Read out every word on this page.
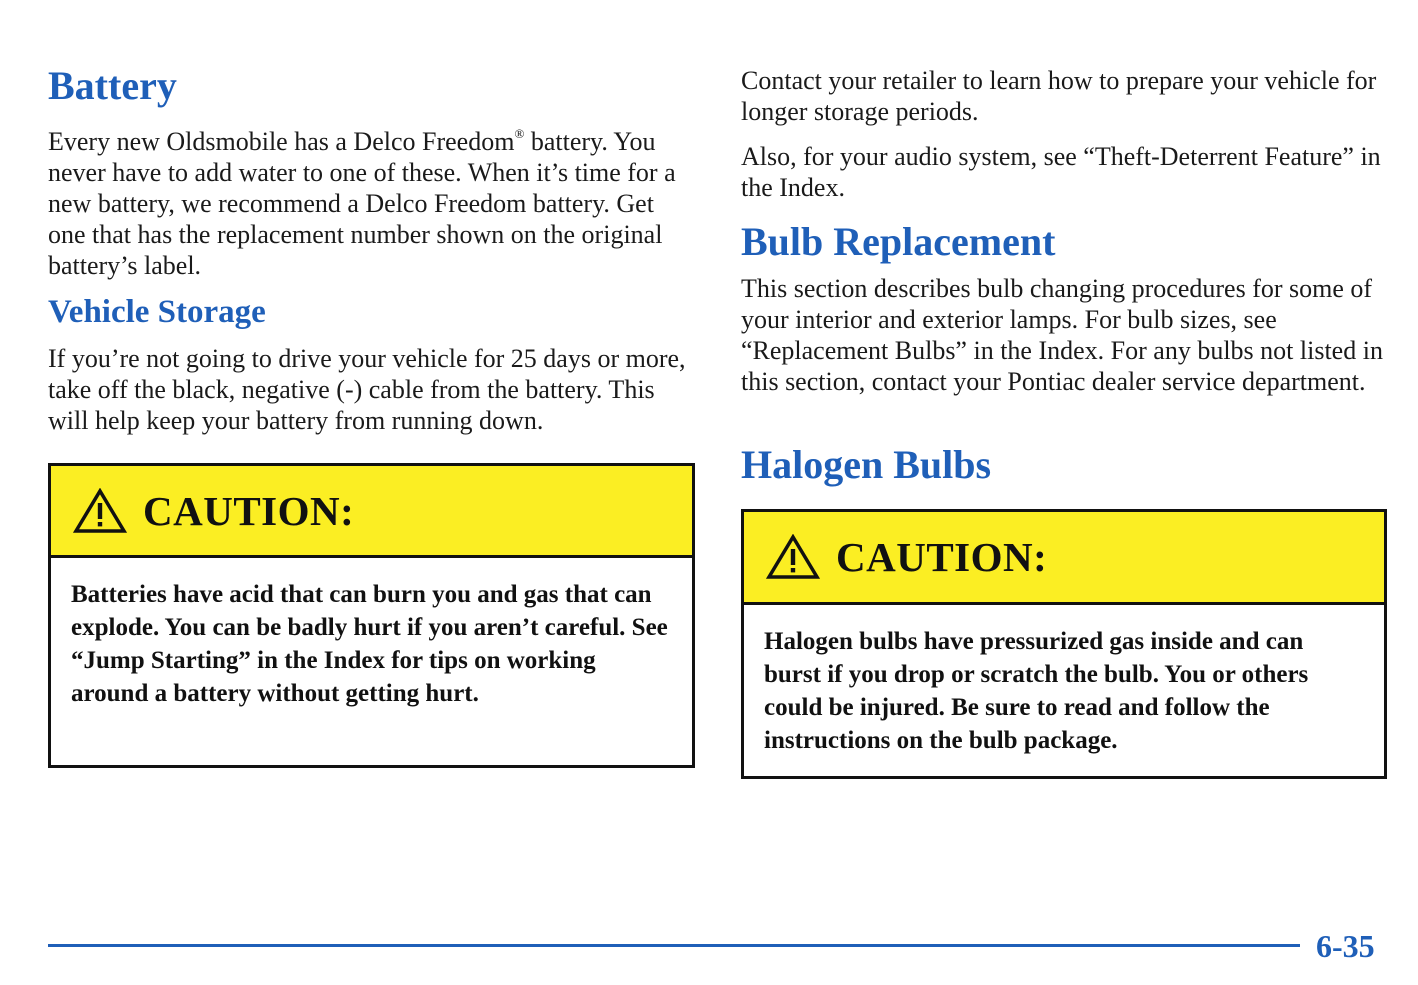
Battery

Every new Oldsmobile has a Delco Freedom® battery. You never have to add water to one of these. When it’s time for a new battery, we recommend a Delco Freedom battery. Get one that has the replacement number shown on the original battery’s label.

Vehicle Storage

If you’re not going to drive your vehicle for 25 days or more, take off the black, negative (-) cable from the battery. This will help keep your battery from running down.

CAUTION:
Batteries have acid that can burn you and gas that can explode. You can be badly hurt if you aren’t careful. See “Jump Starting” in the Index for tips on working around a battery without getting hurt.

Contact your retailer to learn how to prepare your vehicle for longer storage periods.

Also, for your audio system, see “Theft-Deterrent Feature” in the Index.

Bulb Replacement

This section describes bulb changing procedures for some of your interior and exterior lamps. For bulb sizes, see “Replacement Bulbs” in the Index. For any bulbs not listed in this section, contact your Pontiac dealer service department.

Halogen Bulbs
CAUTION:
Halogen bulbs have pressurized gas inside and can burst if you drop or scratch the bulb. You or others could be injured. Be sure to read and follow the instructions on the bulb package.
6-35
